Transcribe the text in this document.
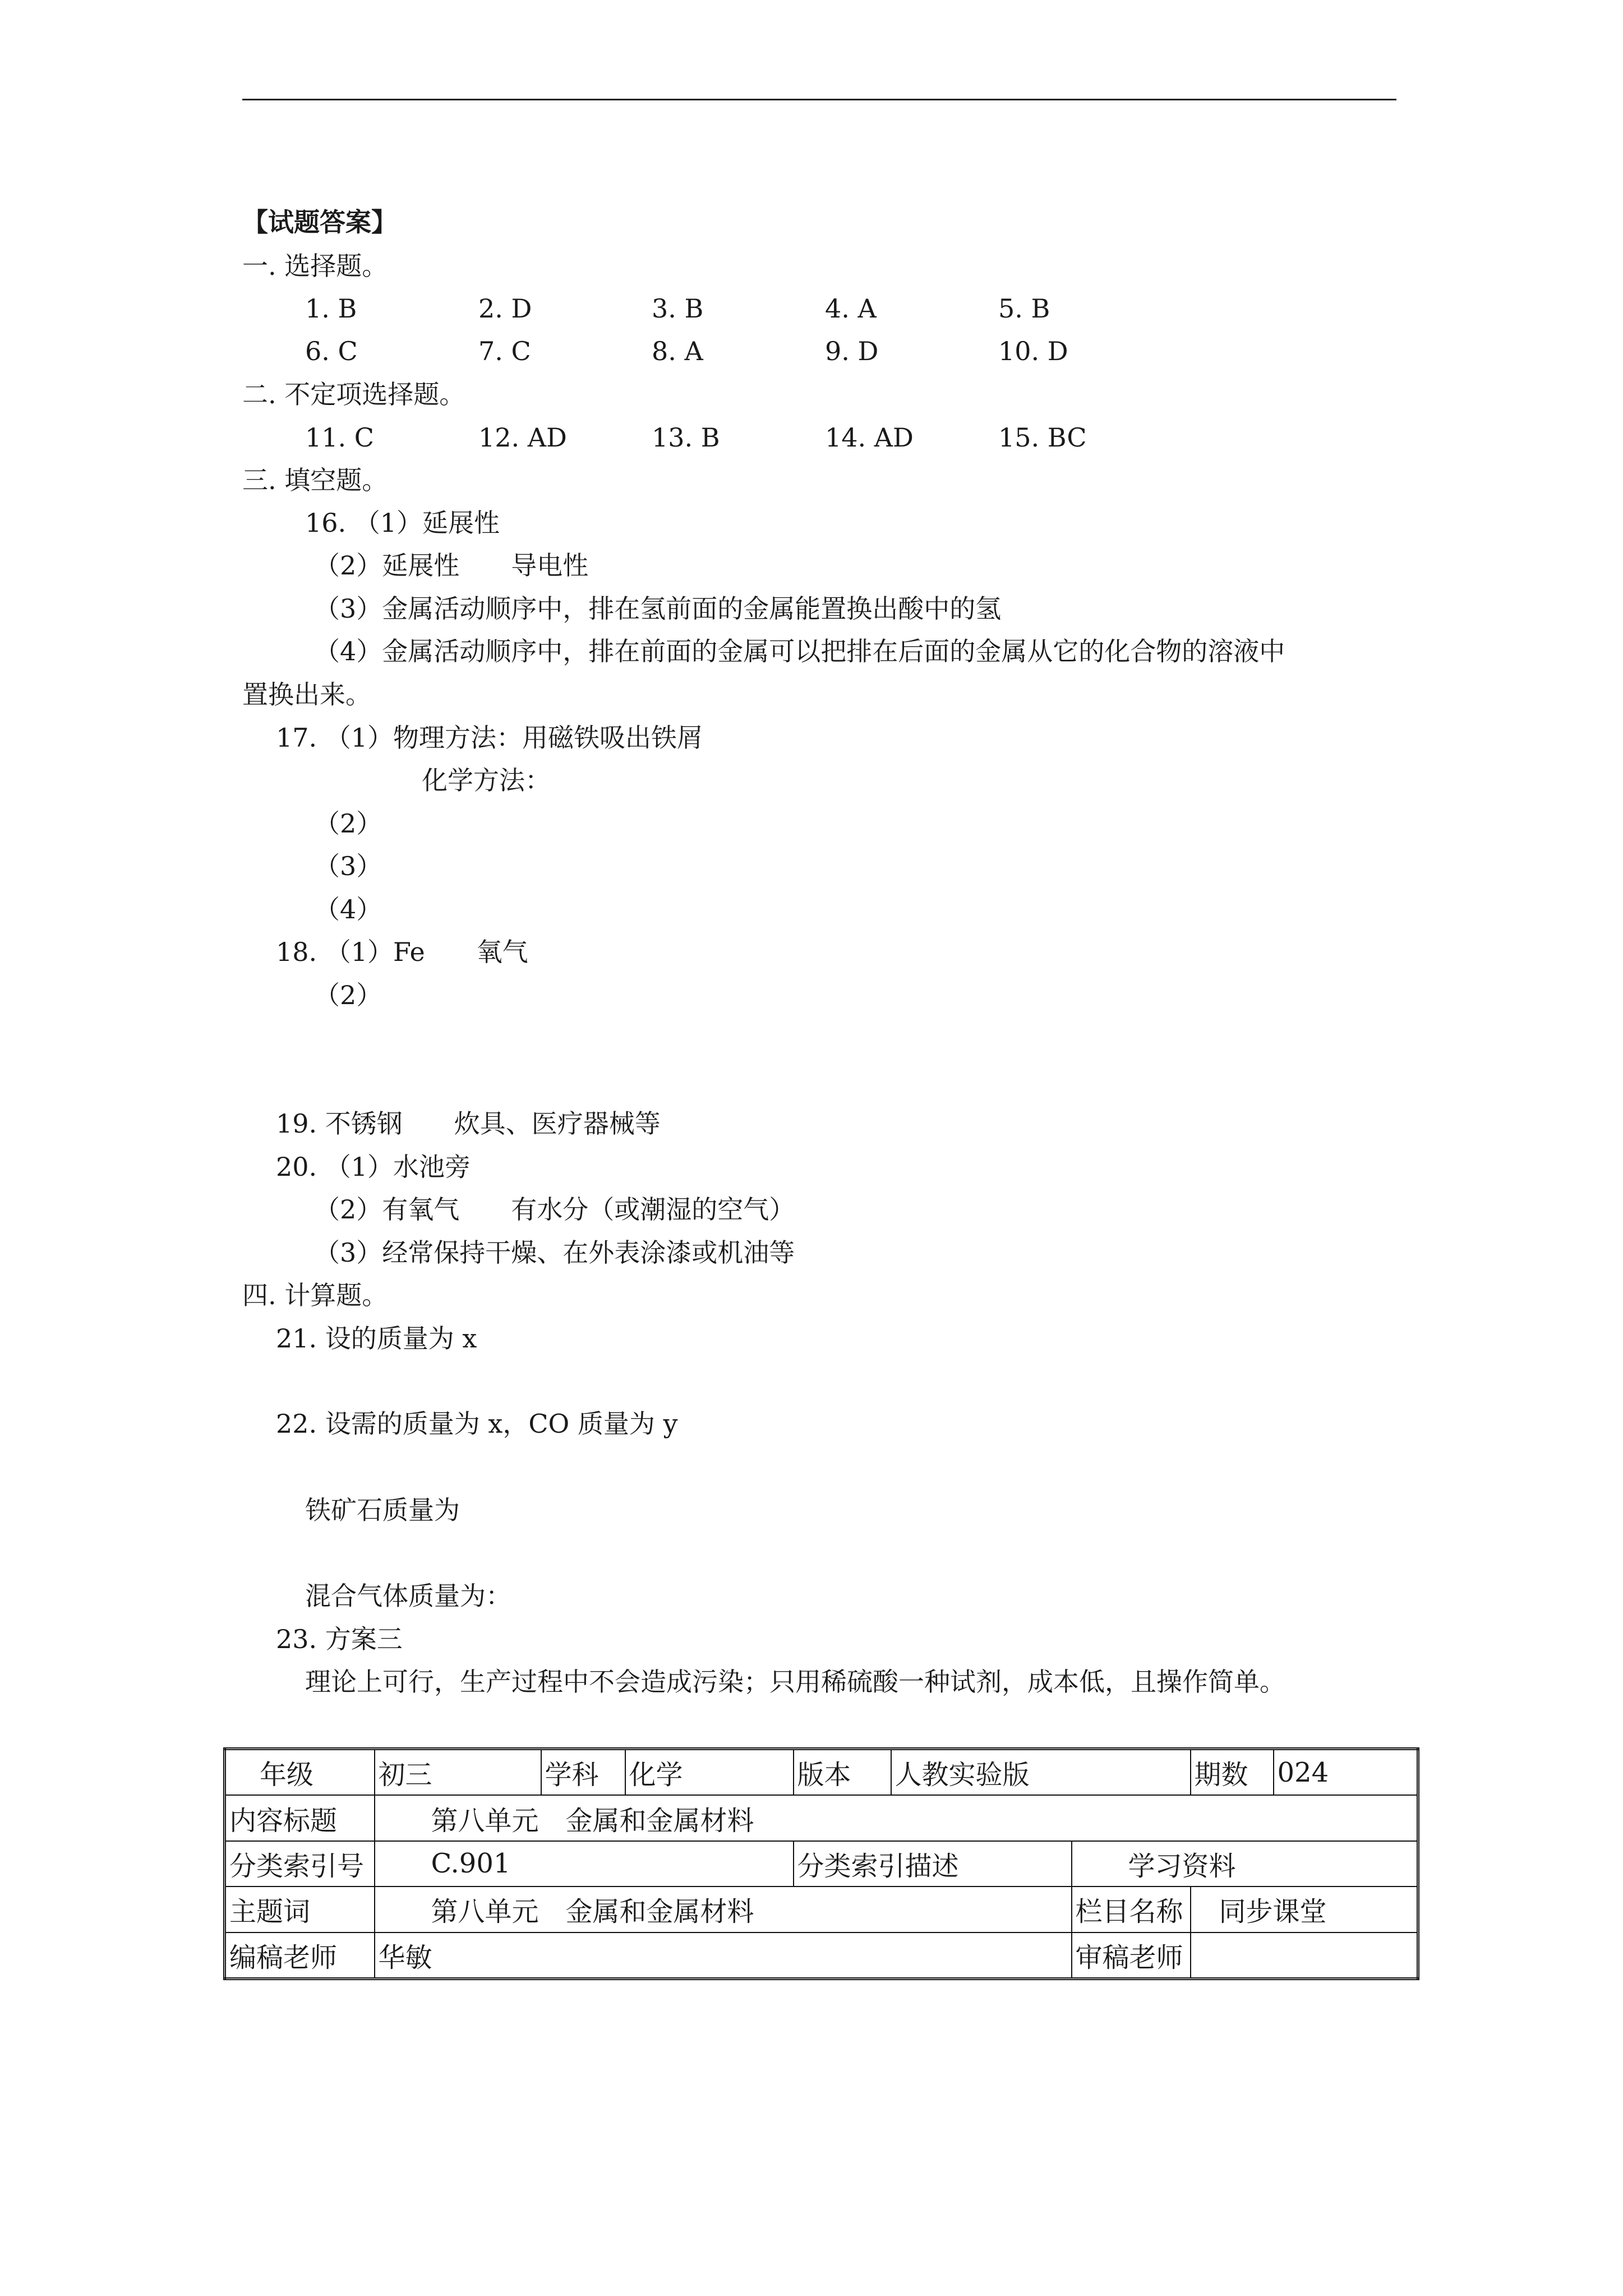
【试题答案】
一. 选择题。
1. B	2. D	3. B	4. A	5. B
6. C	7. C	8. A	9. D	10. D
二. 不定项选择题。
11. C	12. AD	13. B	14. AD	15. BC
三. 填空题。
16. （1）延展性
（2）延展性　　导电性
（3）金属活动顺序中，排在氢前面的金属能置换出酸中的氢
（4）金属活动顺序中，排在前面的金属可以把排在后面的金属从它的化合物的溶液中
置换出来。
17. （1）物理方法：用磁铁吸出铁屑
化学方法：
（2）
（3）
（4）
18. （1）Fe　　氧气
（2）
19. 不锈钢　　炊具、医疗器械等
20. （1）水池旁
（2）有氧气　　有水分（或潮湿的空气）
（3）经常保持干燥、在外表涂漆或机油等
四. 计算题。
21. 设的质量为 x
22. 设需的质量为 x，CO 质量为 y
铁矿石质量为
混合气体质量为：
23. 方案三
理论上可行，生产过程中不会造成污染；只用稀硫酸一种试剂，成本低，且操作简单。
年级	初三	学科	化学	版本	人教实验版		期数	024
内容标题	第八单元　金属和金属材料							
分类索引号	C.901			分类索引描述		学习资料		
主题词	第八单元　金属和金属材料					栏目名称	同步课堂	
编稿老师	华敏					审稿老师		
